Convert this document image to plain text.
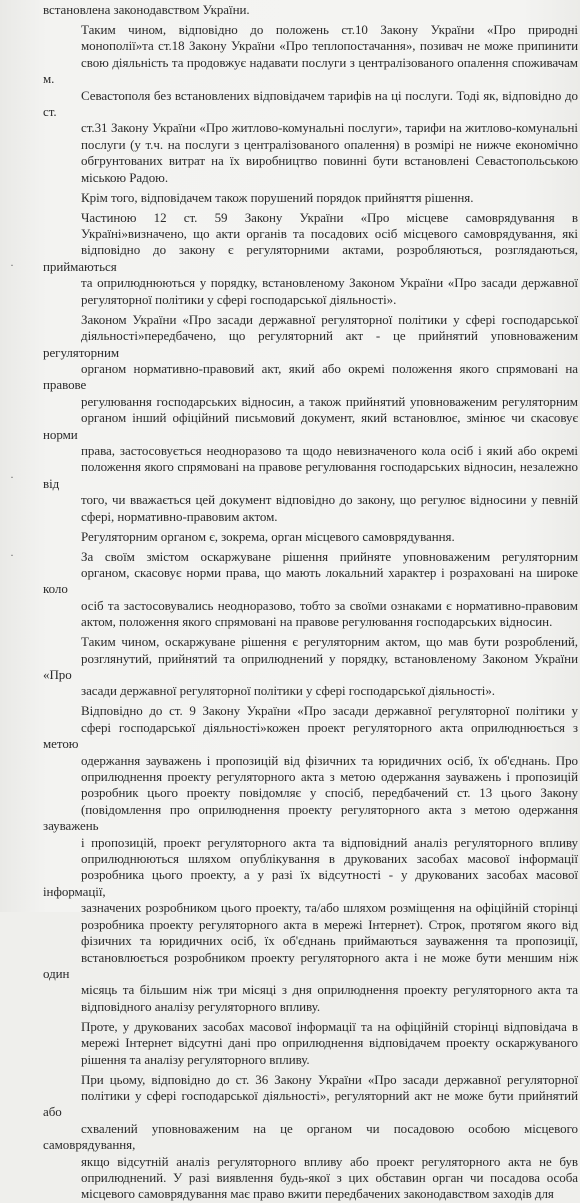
·
·
·

встановлена законодавством України.

Таким чином, відповідно до положень ст.10 Закону України «Про природні
монополії»та ст.18 Закону України «Про теплопостачання», позивач не може припинити
свою діяльність та продовжує надавати послуги з централізованого опалення споживачам м.
Севастополя без встановлених відповідачем тарифів на ці послуги. Тоді як, відповідно до ст.
ст.31 Закону України «Про житлово-комунальні послуги», тарифи на житлово-комунальні
послуги (у т.ч. на послуги з централізованого опалення) в розмірі не нижче економічно
обгрунтованих витрат на їх виробництво повинні бути встановлені Севастопольською
міською Радою.

Крім того, відповідачем також порушений порядок прийняття рішення.

Частиною 12 ст. 59 Закону України «Про місцеве самоврядування в
Україні»визначено, що акти органів та посадових осіб місцевого самоврядування, які
відповідно до закону є регуляторними актами, розробляються, розглядаються, приймаються
та оприлюднюються у порядку, встановленому Законом України «Про засади державної
регуляторної політики у сфері господарської діяльності».

Законом України «Про засади державної регуляторної політики у сфері господарської
діяльності»передбачено, що регуляторний акт - це прийнятий уповноваженим регуляторним
органом нормативно-правовий акт, який або окремі положення якого спрямовані на правове
регулювання господарських відносин, а також прийнятий уповноваженим регуляторним
органом інший офіційний письмовий документ, який встановлює, змінює чи скасовує норми
права, застосовується неодноразово та щодо невизначеного кола осіб і який або окремі
положення якого спрямовані на правове регулювання господарських відносин, незалежно від
того, чи вважається цей документ відповідно до закону, що регулює відносини у певній
сфері, нормативно-правовим актом.

Регуляторним органом є, зокрема, орган місцевого самоврядування.

За своїм змістом оскаржуване рішення прийняте уповноваженим регуляторним
органом, скасовує норми права, що мають локальний характер і розраховані на широке коло
осіб та застосовувались неодноразово, тобто за своїми ознаками є нормативно-правовим
актом, положення якого спрямовані на правове регулювання господарських відносин.

Таким чином, оскаржуване рішення є регуляторним актом, що мав бути розроблений,
розглянутий, прийнятий та оприлюднений у порядку, встановленому Законом України «Про
засади державної регуляторної політики у сфері господарської діяльності».

Відповідно до ст. 9 Закону України «Про засади державної регуляторної політики у
сфері господарської діяльності»кожен проект регуляторного акта оприлюднюється з метою
одержання зауважень і пропозицій від фізичних та юридичних осіб, їх об'єднань. Про
оприлюднення проекту регуляторного акта з метою одержання зауважень і пропозицій
розробник цього проекту повідомляє у спосіб, передбачений ст. 13 цього Закону
(повідомлення про оприлюднення проекту регуляторного акта з метою одержання зауважень
і пропозицій, проект регуляторного акта та відповідний аналіз регуляторного впливу
оприлюднюються шляхом опублікування в друкованих засобах масової інформації
розробника цього проекту, а у разі їх відсутності - у друкованих засобах масової інформації,
зазначених розробником цього проекту, та/або шляхом розміщення на офіційній сторінці
розробника проекту регуляторного акта в мережі Інтернет). Строк, протягом якого від
фізичних та юридичних осіб, їх об'єднань приймаються зауваження та пропозиції,
встановлюється розробником проекту регуляторного акта і не може бути меншим ніж один
місяць та більшим ніж три місяці з дня оприлюднення проекту регуляторного акта та
відповідного аналізу регуляторного впливу.

Проте, у друкованих засобах масової інформації та на офіційній сторінці відповідача в
мережі Інтернет відсутні дані про оприлюднення відповідачем проекту оскаржуваного
рішення та аналізу регуляторного впливу.

При цьому, відповідно до ст. 36 Закону України «Про засади державної регуляторної
політики у сфері господарської діяльності», регуляторний акт не може бути прийнятий або
схвалений уповноваженим на це органом чи посадовою особою місцевого самоврядування,
якщо відсутній аналіз регуляторного впливу або проект регуляторного акта не був
оприлюднений. У разі виявлення будь-якої з цих обставин орган чи посадова особа
місцевого самоврядування має право вжити передбачених законодавством заходів для
